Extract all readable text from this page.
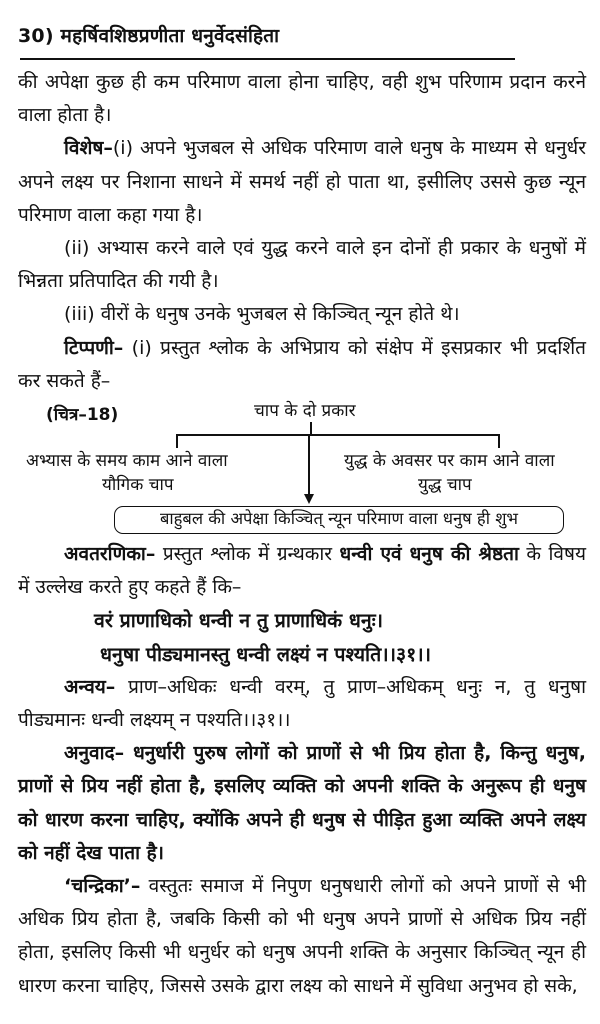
30) महर्षिवशिष्ठप्रणीता धनुर्वेदसंहिता

की अपेक्षा कुछ ही कम परिमाण वाला होना चाहिए, वही शुभ परिणाम प्रदान करने वाला होता है।

विशेष–(i) अपने भुजबल से अधिक परिमाण वाले धनुष के माध्यम से धनुर्धर अपने लक्ष्य पर निशाना साधने में समर्थ नहीं हो पाता था, इसीलिए उससे कुछ न्यून परिमाण वाला कहा गया है।

(ii) अभ्यास करने वाले एवं युद्ध करने वाले इन दोनों ही प्रकार के धनुषों में भिन्नता प्रतिपादित की गयी है।

(iii) वीरों के धनुष उनके भुजबल से किञ्चित् न्यून होते थे।

टिप्पणी– (i) प्रस्तुत श्लोक के अभिप्राय को संक्षेप में इसप्रकार भी प्रदर्शित कर सकते हैं–

(चित्र–18)	चाप के दो प्रकार
अभ्यास के समय काम आने वाला
यौगिक चाप
युद्ध के अवसर पर काम आने वाला
युद्ध चाप
बाहुबल की अपेक्षा किञ्चित् न्यून परिमाण वाला धनुष ही शुभ

अवतरणिका– प्रस्तुत श्लोक में ग्रन्थकार धन्वी एवं धनुष की श्रेष्ठता के विषय में उल्लेख करते हुए कहते हैं कि–

वरं प्राणाधिको धन्वी न तु प्राणाधिकं धनुः।

धनुषा पीड्यमानस्तु धन्वी लक्ष्यं न पश्यति।।३१।।

अन्वय– प्राण–अधिकः धन्वी वरम्, तु प्राण–अधिकम् धनुः न, तु धनुषा पीड्यमानः धन्वी लक्ष्यम् न पश्यति।।३१।।

अनुवाद– धनुर्धारी पुरुष लोगों को प्राणों से भी प्रिय होता है, किन्तु धनुष, प्राणों से प्रिय नहीं होता है, इसलिए व्यक्ति को अपनी शक्ति के अनुरूप ही धनुष को धारण करना चाहिए, क्योंकि अपने ही धनुष से पीड़ित हुआ व्यक्ति अपने लक्ष्य को नहीं देख पाता है।

‘चन्द्रिका’– वस्तुतः समाज में निपुण धनुषधारी लोगों को अपने प्राणों से भी अधिक प्रिय होता है, जबकि किसी को भी धनुष अपने प्राणों से अधिक प्रिय नहीं होता, इसलिए किसी भी धनुर्धर को धनुष अपनी शक्ति के अनुसार किञ्चित् न्यून ही धारण करना चाहिए, जिससे उसके द्वारा लक्ष्य को साधने में सुविधा अनुभव हो सके,
